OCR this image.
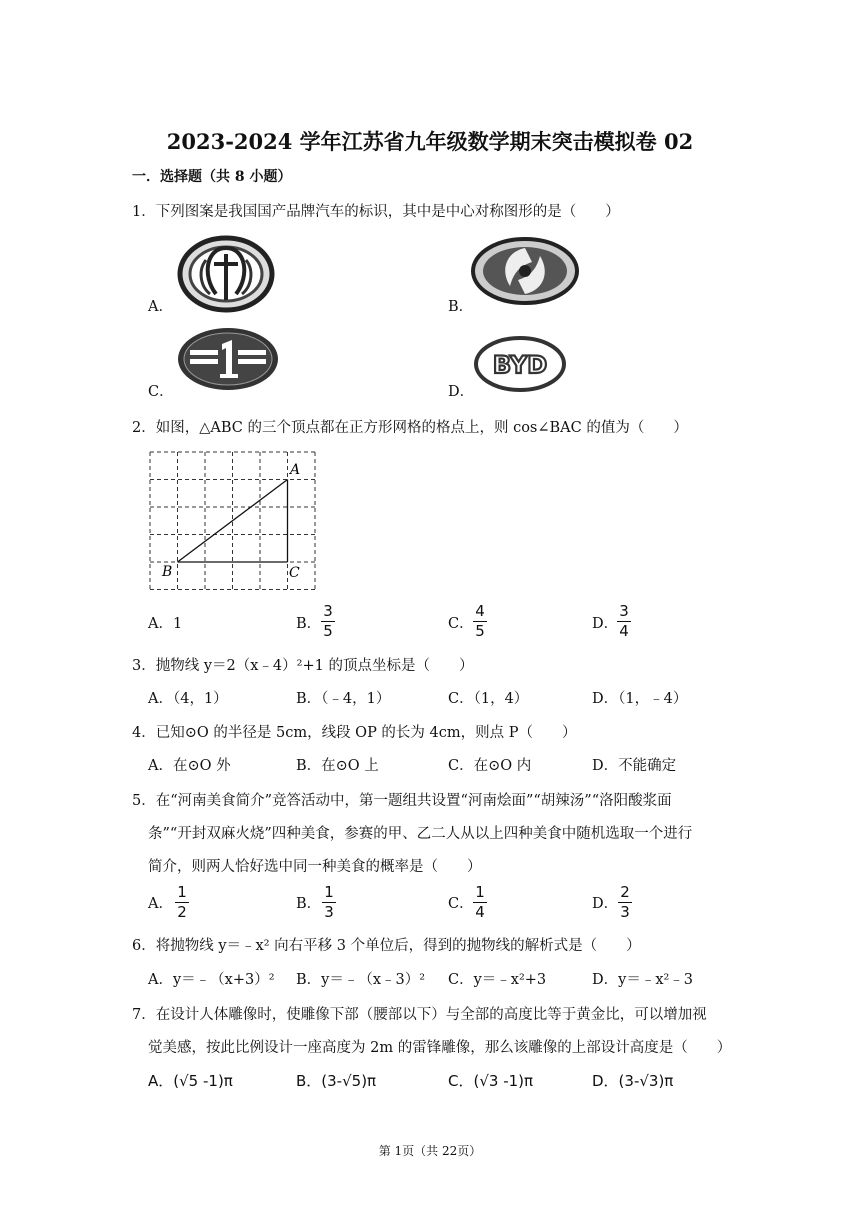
2023-2024 学年江苏省九年级数学期末突击模拟卷 02
一．选择题（共 8 小题）
1．下列图案是我国国产品牌汽车的标识，其中是中心对称图形的是（　　）
A．	B．
C．	D．
BYD
2．如图，△ABC 的三个顶点都在正方形网格的格点上，则 cos∠BAC 的值为（　　）
A
B	C
A．1	B．
3
5	C．
4
5	D．
3
4
3．抛物线 y＝2（x﹣4）²+1 的顶点坐标是（　　）
A．（4，1）	B．（﹣4，1）	C．（1，4）	D．（1，﹣4）
4．已知⊙O 的半径是 5cm，线段 OP 的长为 4cm，则点 P（　　）
A．在⊙O 外	B．在⊙O 上	C．在⊙O 内	D．不能确定
5．在“河南美食简介”竞答活动中，第一题组共设置“河南烩面”“胡辣汤”“洛阳酸浆面
条”“开封双麻火烧”四种美食，参赛的甲、乙二人从以上四种美食中随机选取一个进行
简介，则两人恰好选中同一种美食的概率是（　　）
A．
1
2	B．
1
3	C．
1
4	D．
2
3
6．将抛物线 y＝﹣x² 向右平移 3 个单位后，得到的抛物线的解析式是（　　）
A．y＝﹣（x+3）² B．y＝﹣（x﹣3）² C．y＝﹣x²+3	D．y＝﹣x²﹣3
7．在设计人体雕像时，使雕像下部（腰部以下）与全部的高度比等于黄金比，可以增加视
觉美感，按此比例设计一座高度为 2m 的雷锋雕像，那么该雕像的上部设计高度是（　　）
A．(√5 -1)π	B．(3-√5)π	C．(√3 -1)π	D．(3-√3)π
第 1页（共 22页）
